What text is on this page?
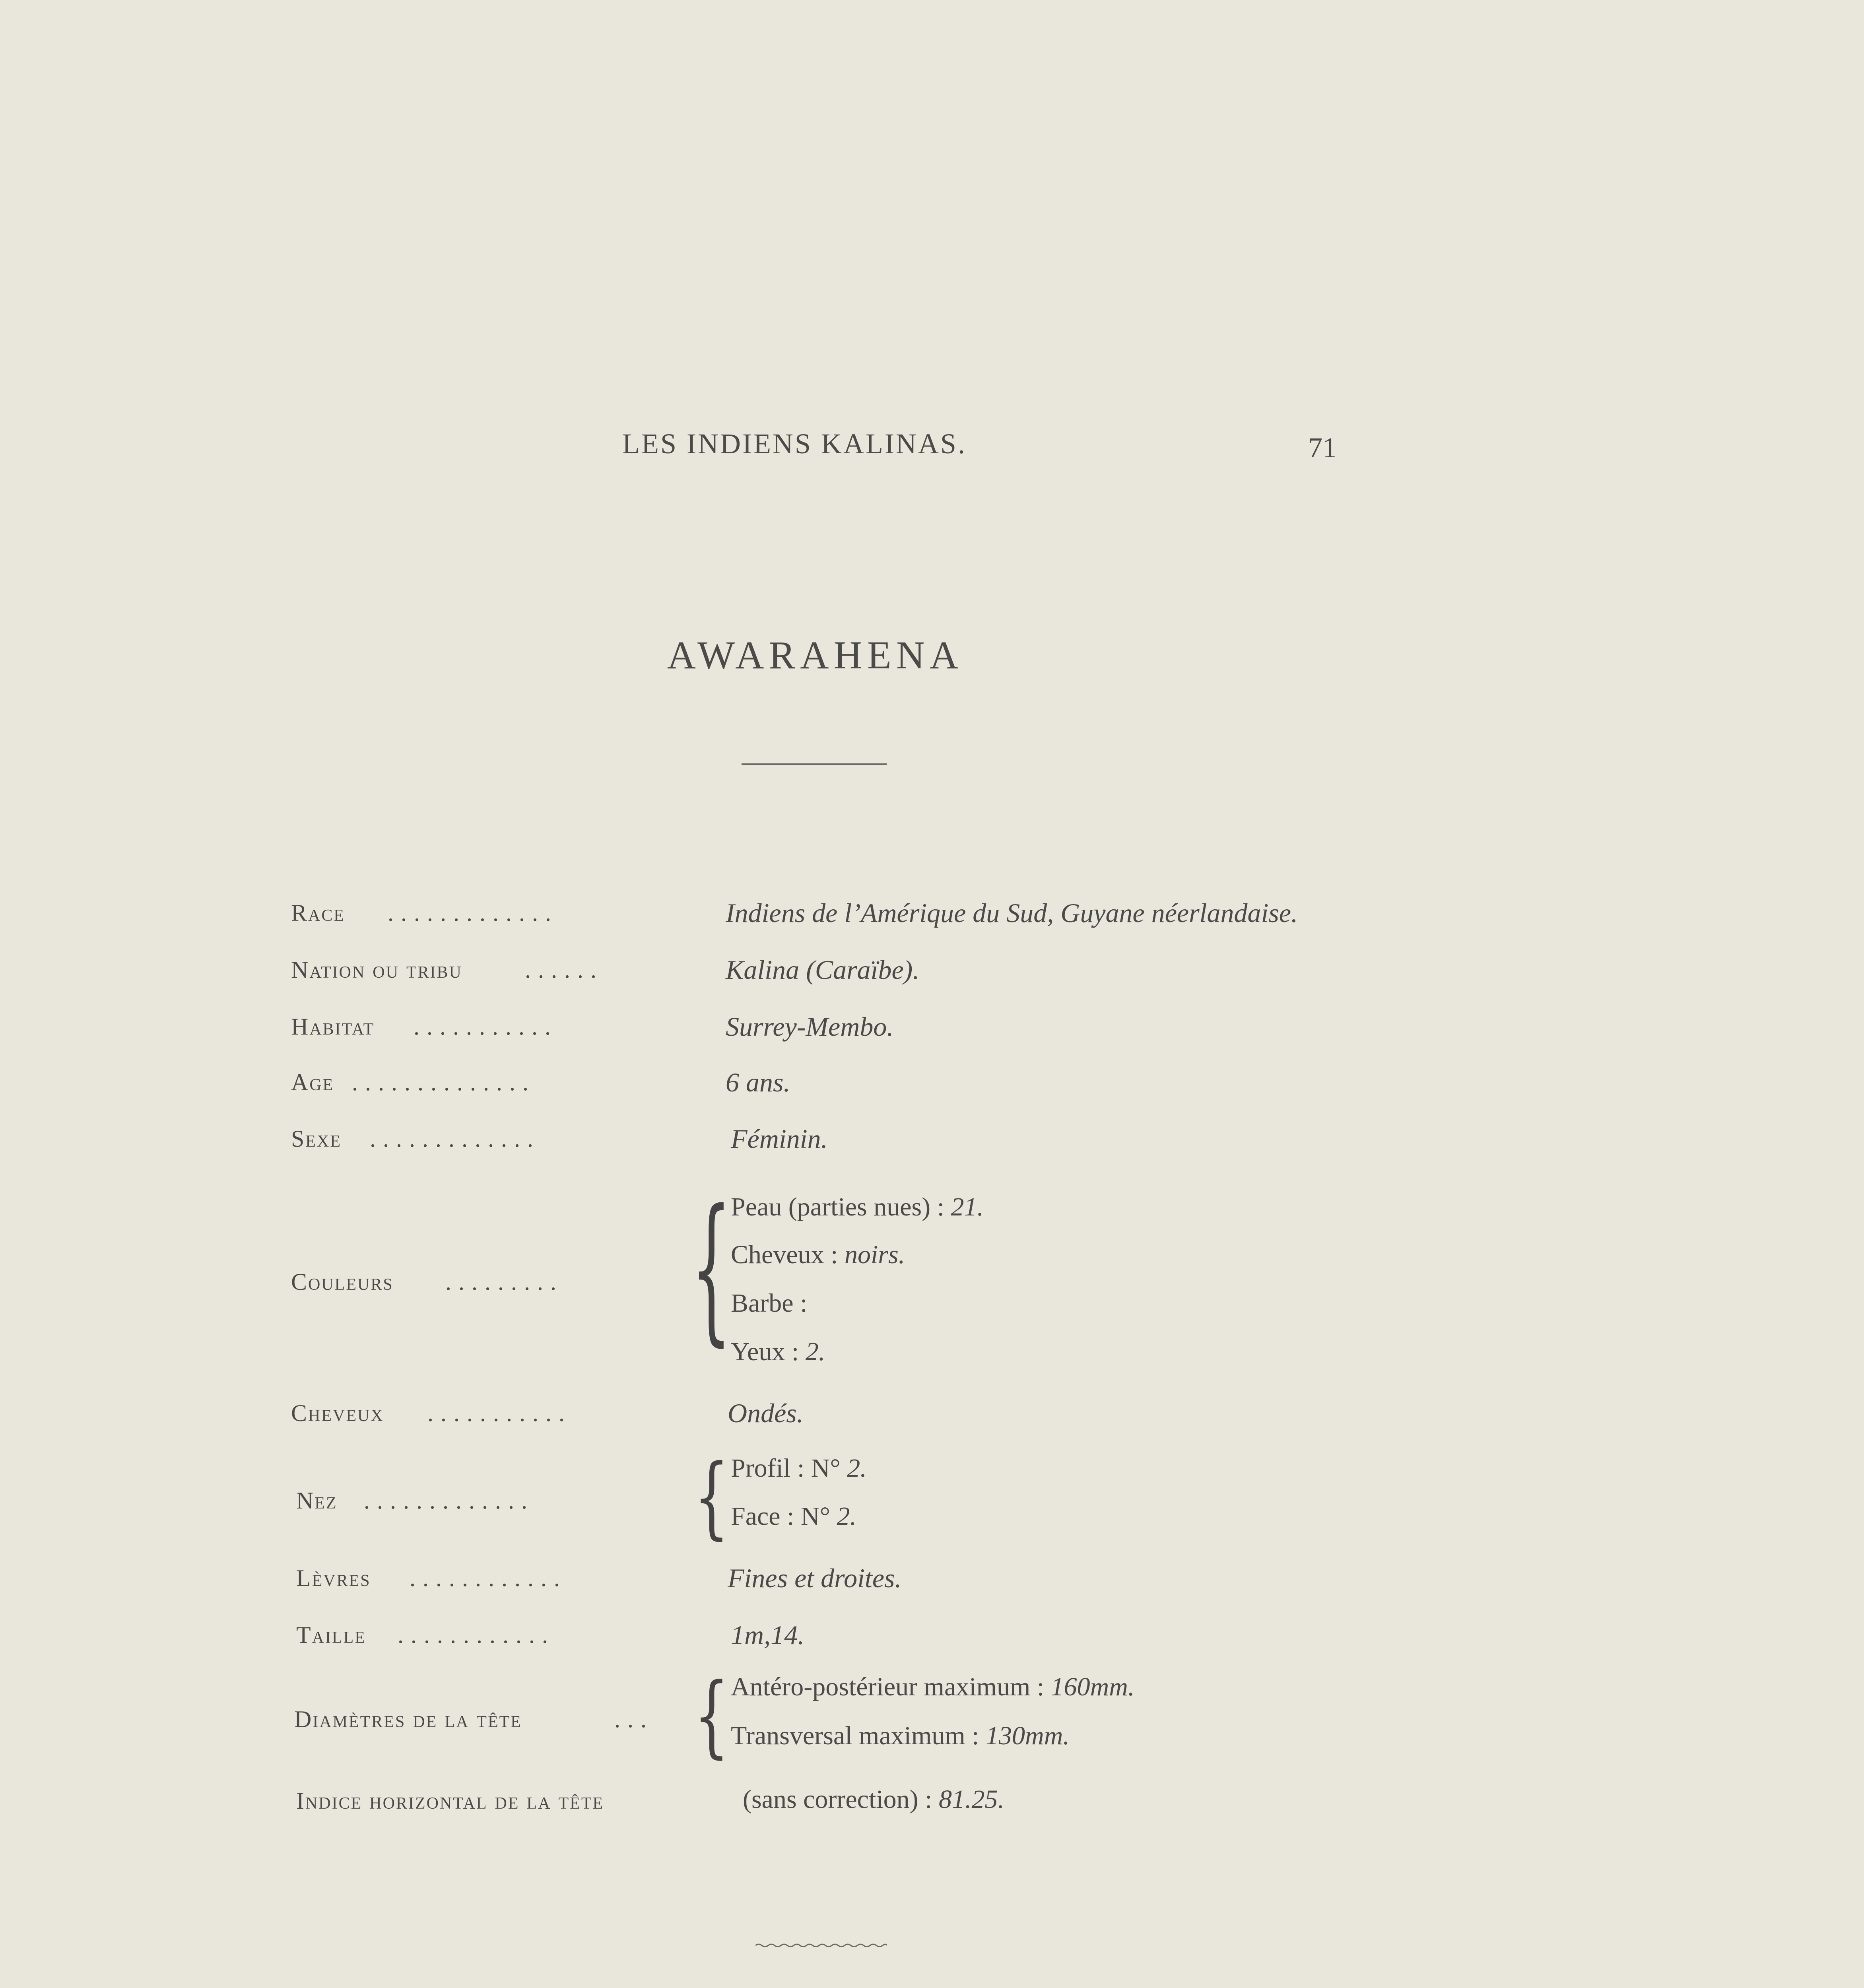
LES INDIENS KALINAS.	71
AWARAHENA
Race .............	Indiens de l’Amérique du Sud, Guyane néerlandaise.
Nation ou tribu	......	Kalina (Caraïbe).
Habitat ...........	Surrey-Membo.
Age ..............	6 ans.
Sexe .............	Féminin.
Couleurs ......... {
Peau (parties nues) : 21.
Cheveux : noirs.
Barbe :
Yeux : 2.
Cheveux ...........	Ondés.
Nez .............	{ Profil : N° 2.
Face : N° 2.
Lèvres ............	Fines et droites.
Taille ............	1m,14.
Diamètres de la tête	... { Antéro-postérieur maximum : 160mm.
Transversal maximum : 130mm.
Indice horizontal de la tête	(sans correction) : 81.25.
